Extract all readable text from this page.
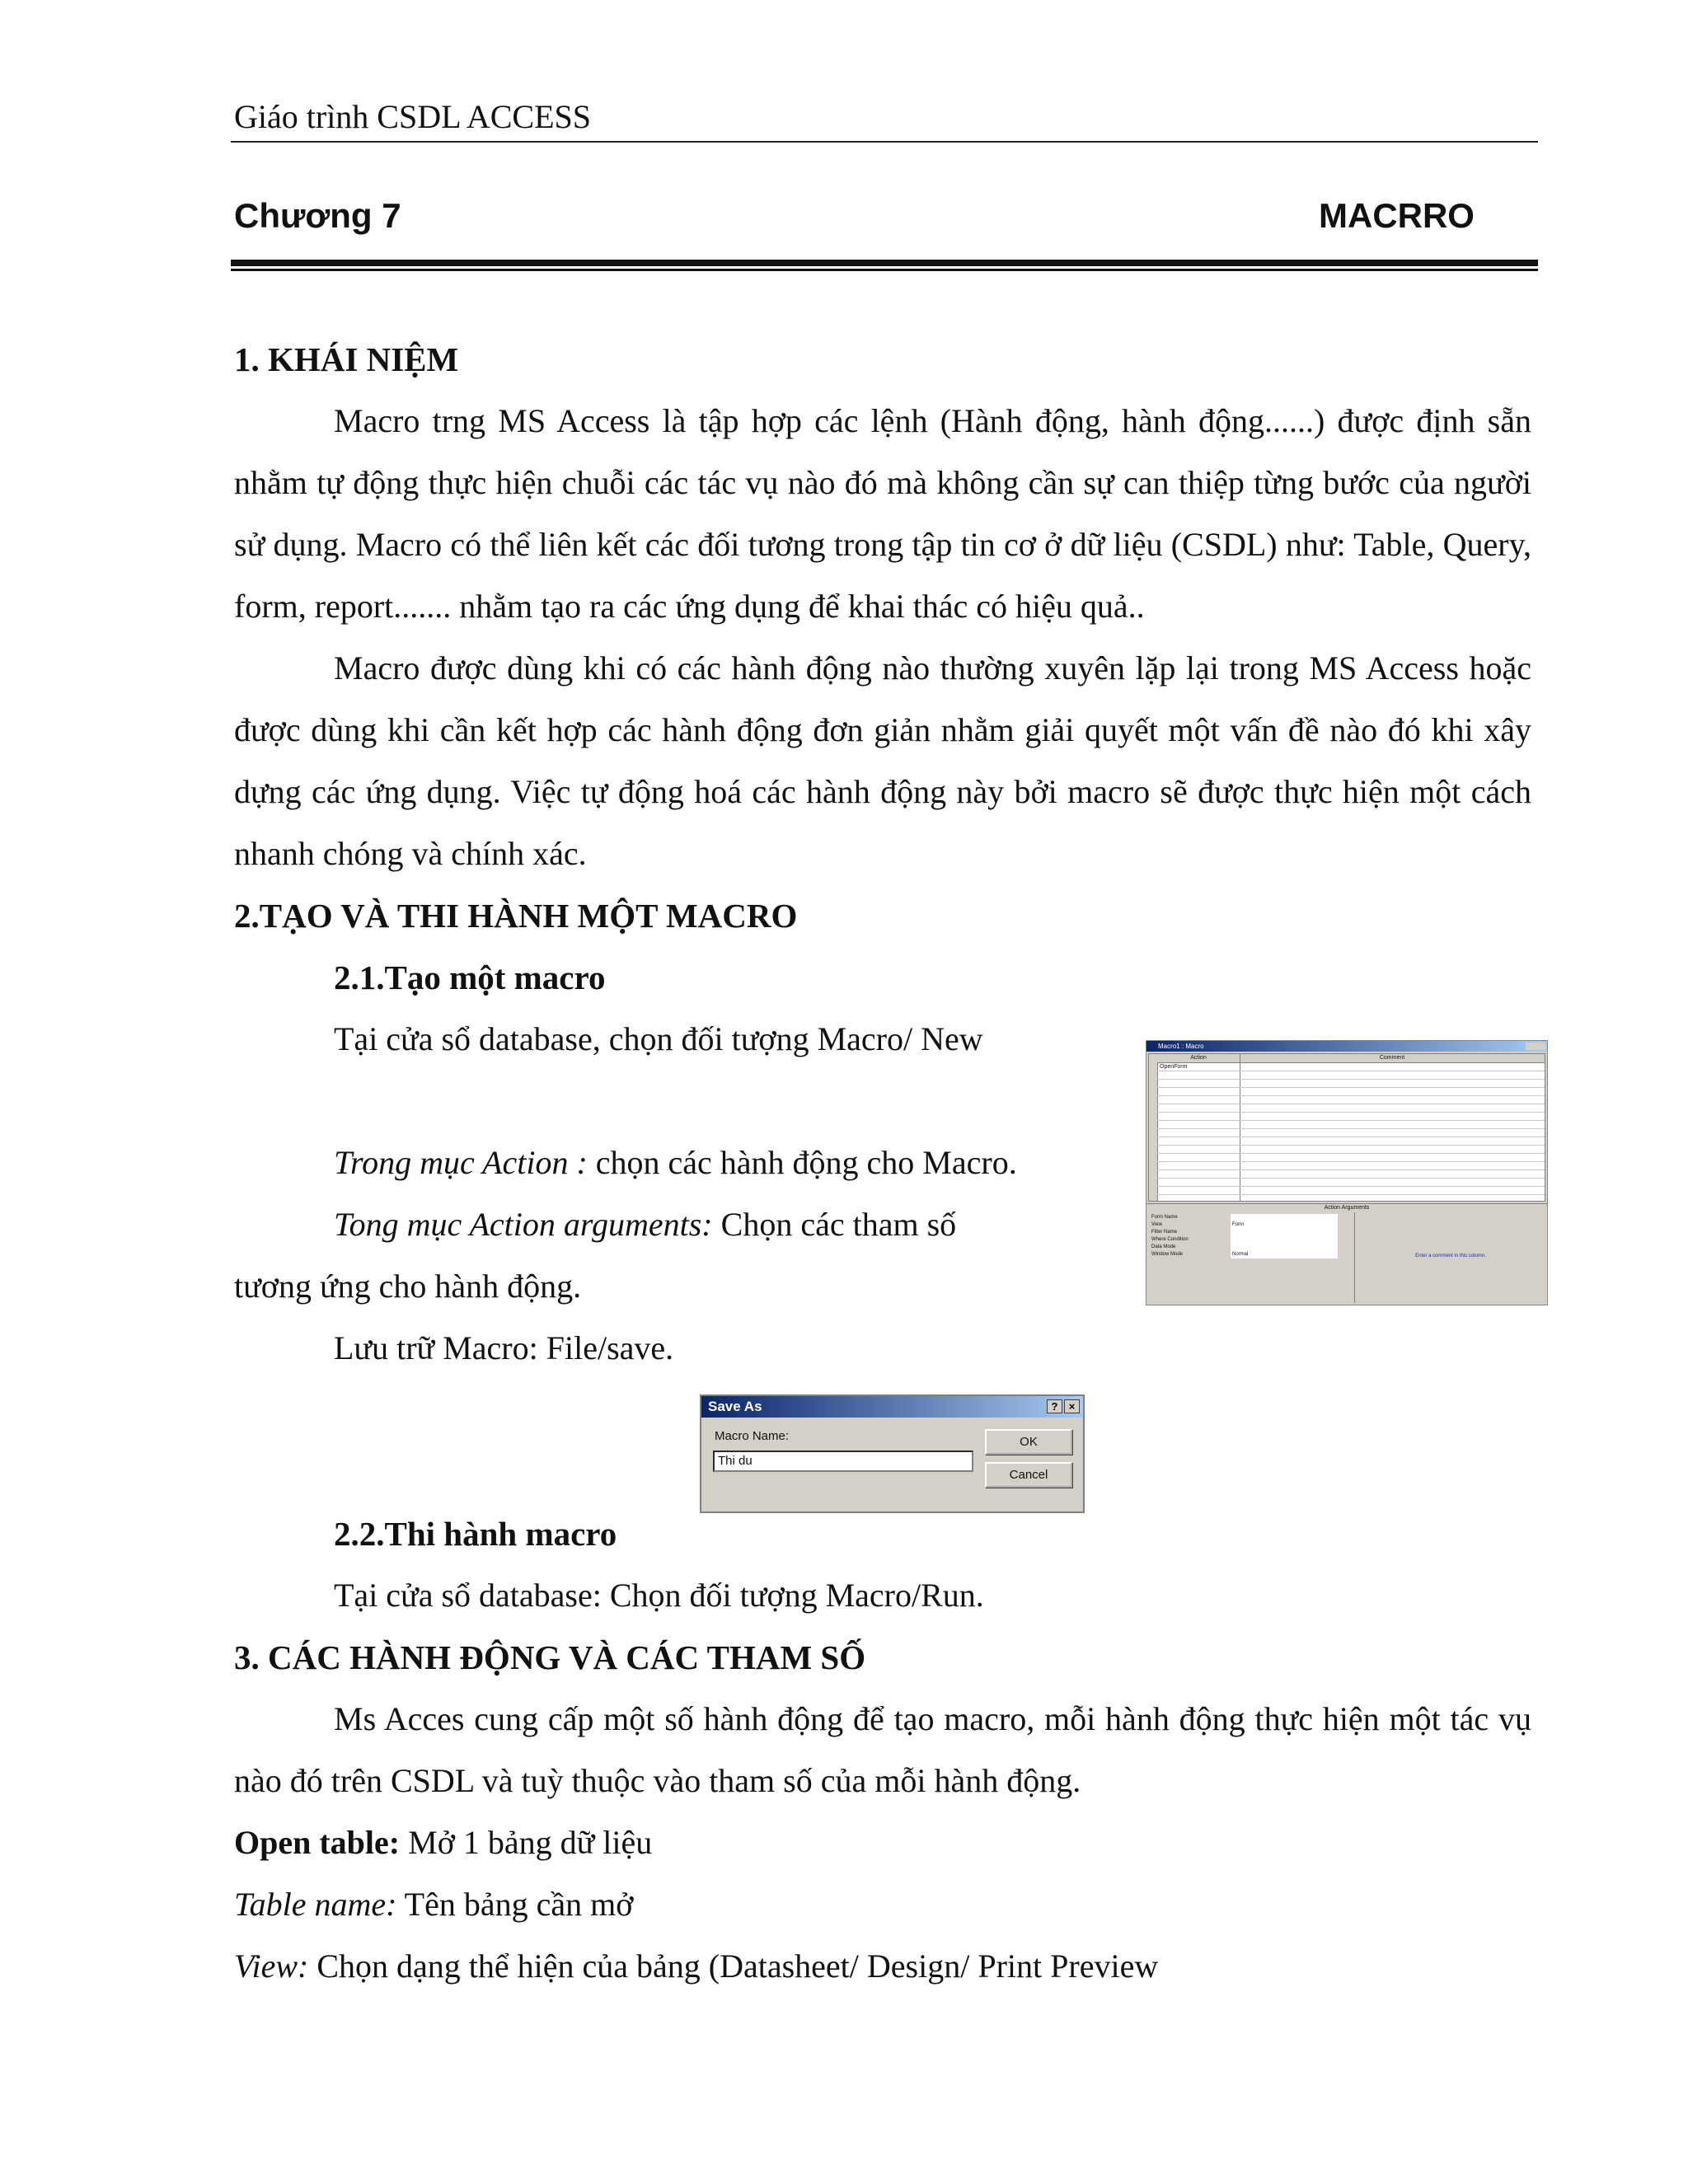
Giáo trình CSDL ACCESS
Chương 7	MACRRO
1. KHÁI NIỆM
Macro trng MS Access là tập hợp các lệnh (Hành động, hành động......) được định sẵn nhằm tự động thực hiện chuỗi các tác vụ nào đó mà không cần sự can thiệp từng bước của người sử dụng. Macro có thể liên kết các đối tương trong tập tin cơ ở dữ liệu (CSDL) như: Table, Query, form, report....... nhằm tạo ra các ứng dụng để khai thác có hiệu quả..
Macro được dùng khi có các hành động nào thường xuyên lặp lại trong MS Access hoặc được dùng khi cần kết hợp các hành động đơn giản nhằm giải quyết một vấn đề nào đó khi xây dựng các ứng dụng. Việc tự động hoá các hành động này bởi macro sẽ được thực hiện một cách nhanh chóng và chính xác.
2.TẠO VÀ THI HÀNH MỘT MACRO
2.1.Tạo một macro
Tại cửa sổ database, chọn đối tượng Macro/ New
Trong mục Action : chọn các hành động cho Macro.
Tong mục Action arguments: Chọn các tham số
tương ứng cho hành động.
Lưu trữ Macro: File/save.
Macro1 : Macro
Action	Comment
OpenForm
Action Arguments
Form Name
View
Filter Name
Where Condition
Data Mode
Window Mode
Form
Normal	Enter a comment in this column.
Save As	?	×
Macro Name:
Thi du
OK
Cancel
2.2.Thi hành macro
Tại cửa sổ database: Chọn đối tượng Macro/Run.
3. CÁC HÀNH ĐỘNG VÀ CÁC THAM SỐ
Ms Acces cung cấp một số hành động để tạo macro, mỗi hành động thực hiện một tác vụ nào đó trên CSDL và tuỳ thuộc vào tham số của mỗi hành động.
Open table: Mở 1 bảng dữ liệu
Table name: Tên bảng cần mở
View: Chọn dạng thể hiện của bảng (Datasheet/ Design/ Print Preview
